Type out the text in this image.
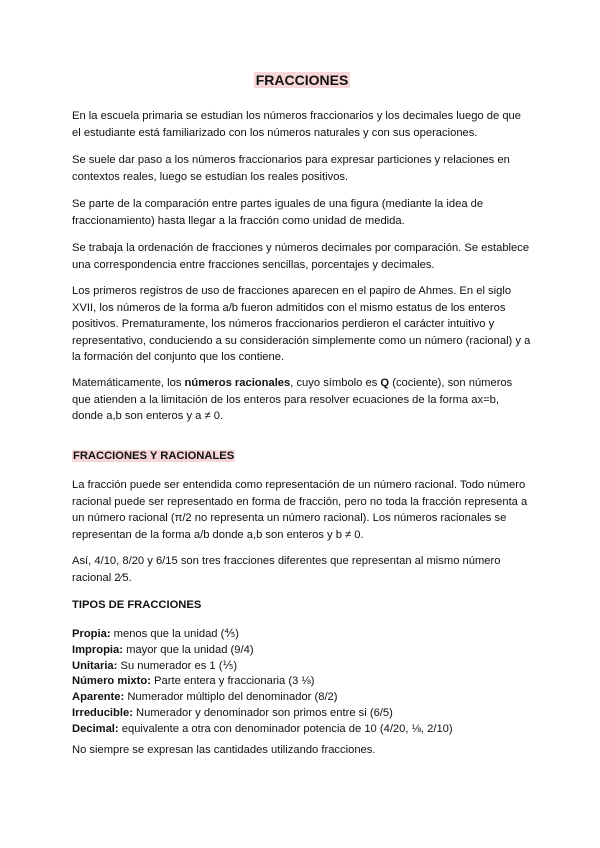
FRACCIONES

En la escuela primaria se estudian los números fraccionarios y los decimales luego de que el estudiante está familiarizado con los números naturales y con sus operaciones.

Se suele dar paso a los números fraccionarios para expresar particiones y relaciones en contextos reales, luego se estudian los reales positivos.

Se parte de la comparación entre partes iguales de una figura (mediante la idea de fraccionamiento) hasta llegar a la fracción como unidad de medida.

Se trabaja la ordenación de fracciones y números decimales por comparación. Se establece una correspondencia entre fracciones sencillas, porcentajes y decimales.

Los primeros registros de uso de fracciones aparecen en el papiro de Ahmes. En el siglo XVII, los números de la forma a/b fueron admitidos con el mismo estatus de los enteros positivos. Prematuramente, los números fraccionarios perdieron el carácter intuitivo y representativo, conduciendo a su consideración simplemente como un número (racional) y a la formación del conjunto que los contiene.

Matemáticamente, los números racionales, cuyo símbolo es Q (cociente), son números que atienden a la limitación de los enteros para resolver ecuaciones de la forma ax=b, donde a,b son enteros y a ≠ 0.

FRACCIONES Y RACIONALES

La fracción puede ser entendida como representación de un número racional. Todo número racional puede ser representado en forma de fracción, pero no toda la fracción representa a un número racional (π/2 no representa un número racional). Los números racionales se representan de la forma a/b donde a,b son enteros y b ≠ 0.

Así, 4/10, 8/20 y 6/15 son tres fracciones diferentes que representan al mismo número racional 2⁄5.

TIPOS DE FRACCIONES
Propia: menos que la unidad (⅘)
Impropia: mayor que la unidad (9/4)
Unitaria: Su numerador es 1 (⅕)
Número mixto: Parte entera y fraccionaria (3 ⅛)
Aparente: Numerador múltiplo del denominador (8/2)
Irreducible: Numerador y denominador son primos entre si (6/5)
Decimal: equivalente a otra con denominador potencia de 10 (4/20, ⅛, 2/10)

No siempre se expresan las cantidades utilizando fracciones.
